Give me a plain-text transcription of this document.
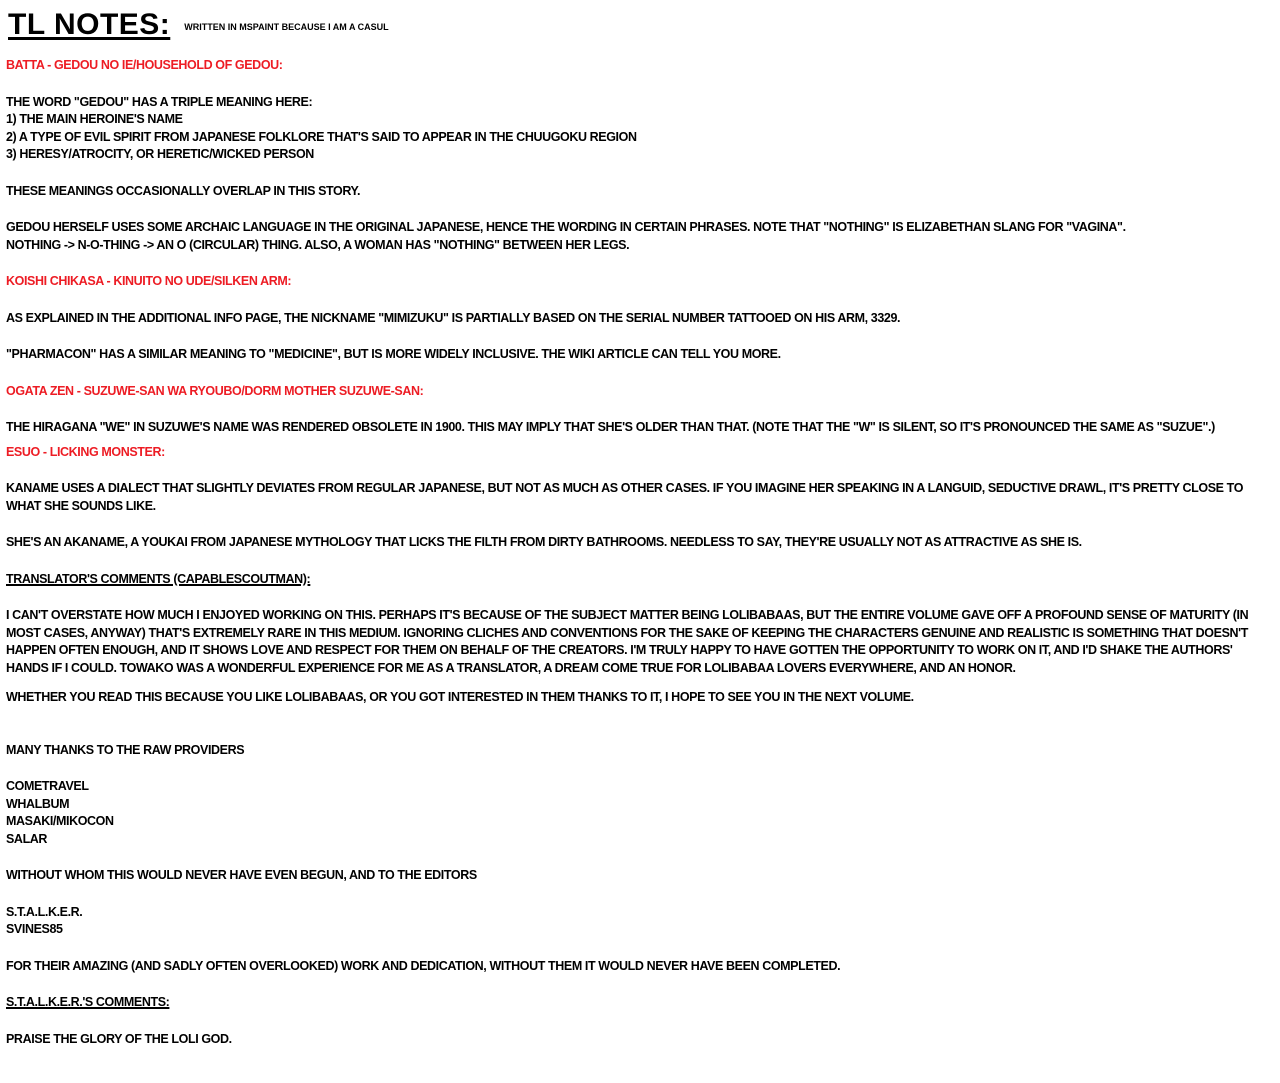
TL NOTES: $^{WRITTEN IN MSPAINT BECAUSE I AM A CASUL}$
BATTA - GEDOU NO IE/HOUSEHOLD OF GEDOU:
THE WORD "GEDOU" HAS A TRIPLE MEANING HERE:
1) THE MAIN HEROINE'S NAME
2) A TYPE OF EVIL SPIRIT FROM JAPANESE FOLKLORE THAT'S SAID TO APPEAR IN THE CHUUGOKU REGION
3) HERESY/ATROCITY, OR HERETIC/WICKED PERSON
THESE MEANINGS OCCASIONALLY OVERLAP IN THIS STORY.
GEDOU HERSELF USES SOME ARCHAIC LANGUAGE IN THE ORIGINAL JAPANESE, HENCE THE WORDING IN CERTAIN PHRASES. NOTE THAT "NOTHING" IS ELIZABETHAN SLANG FOR "VAGINA".
NOTHING -> N-O-THING -> AN O (CIRCULAR) THING. ALSO, A WOMAN HAS "NOTHING" BETWEEN HER LEGS.
KOISHI CHIKASA - KINUITO NO UDE/SILKEN ARM:
AS EXPLAINED IN THE ADDITIONAL INFO PAGE, THE NICKNAME "MIMIZUKU" IS PARTIALLY BASED ON THE SERIAL NUMBER TATTOOED ON HIS ARM, 3329.
"PHARMACON" HAS A SIMILAR MEANING TO "MEDICINE", BUT IS MORE WIDELY INCLUSIVE. THE WIKI ARTICLE CAN TELL YOU MORE.
OGATA ZEN - SUZUWE-SAN WA RYOUBO/DORM MOTHER SUZUWE-SAN:
THE HIRAGANA "WE" IN SUZUWE'S NAME WAS RENDERED OBSOLETE IN 1900. THIS MAY IMPLY THAT SHE'S OLDER THAN THAT. (NOTE THAT THE "W" IS SILENT, SO IT'S PRONOUNCED THE SAME AS "SUZUE".)
ESUO - LICKING MONSTER:
KANAME USES A DIALECT THAT SLIGHTLY DEVIATES FROM REGULAR JAPANESE, BUT NOT AS MUCH AS OTHER CASES. IF YOU IMAGINE HER SPEAKING IN A LANGUID, SEDUCTIVE DRAWL, IT'S PRETTY CLOSE TO WHAT SHE SOUNDS LIKE.
SHE'S AN AKANAME, A YOUKAI FROM JAPANESE MYTHOLOGY THAT LICKS THE FILTH FROM DIRTY BATHROOMS. NEEDLESS TO SAY, THEY'RE USUALLY NOT AS ATTRACTIVE AS SHE IS.
TRANSLATOR'S COMMENTS (CAPABLESCOUTMAN):
I CAN'T OVERSTATE HOW MUCH I ENJOYED WORKING ON THIS. PERHAPS IT'S BECAUSE OF THE SUBJECT MATTER BEING LOLIBABAAS, BUT THE ENTIRE VOLUME GAVE OFF A PROFOUND SENSE OF MATURITY (IN MOST CASES, ANYWAY) THAT'S EXTREMELY RARE IN THIS MEDIUM. IGNORING CLICHES AND CONVENTIONS FOR THE SAKE OF KEEPING THE CHARACTERS GENUINE AND REALISTIC IS SOMETHING THAT DOESN'T HAPPEN OFTEN ENOUGH, AND IT SHOWS LOVE AND RESPECT FOR THEM ON BEHALF OF THE CREATORS. I'M TRULY HAPPY TO HAVE GOTTEN THE OPPORTUNITY TO WORK ON IT, AND I'D SHAKE THE AUTHORS' HANDS IF I COULD. TOWAKO WAS A WONDERFUL EXPERIENCE FOR ME AS A TRANSLATOR, A DREAM COME TRUE FOR LOLIBABAA LOVERS EVERYWHERE, AND AN HONOR.
WHETHER YOU READ THIS BECAUSE YOU LIKE LOLIBABAAS, OR YOU GOT INTERESTED IN THEM THANKS TO IT, I HOPE TO SEE YOU IN THE NEXT VOLUME.
MANY THANKS TO THE RAW PROVIDERS
COMETRAVEL
WHALBUM
MASAKI/MIKOCON
SALAR
WITHOUT WHOM THIS WOULD NEVER HAVE EVEN BEGUN, AND TO THE EDITORS
S.T.A.L.K.E.R.
SVINES85
FOR THEIR AMAZING (AND SADLY OFTEN OVERLOOKED) WORK AND DEDICATION, WITHOUT THEM IT WOULD NEVER HAVE BEEN COMPLETED.
S.T.A.L.K.E.R.'S COMMENTS:
PRAISE THE GLORY OF THE LOLI GOD.
